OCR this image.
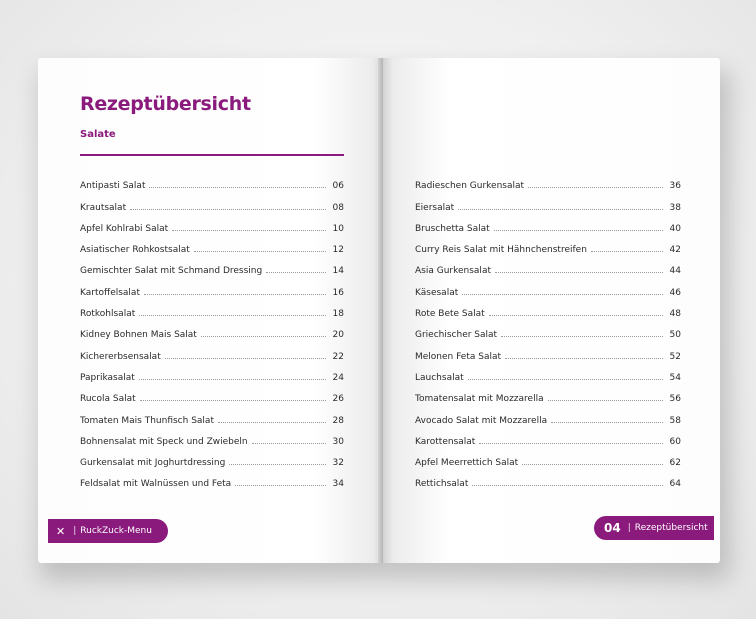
Rezeptübersicht
Salate
Antipasti Salat	06
Krautsalat	08
Apfel Kohlrabi Salat	10
Asiatischer Rohkostsalat	12
Gemischter Salat mit Schmand Dressing	14
Kartoffelsalat	16
Rotkohlsalat	18
Kidney Bohnen Mais Salat	20
Kichererbsensalat	22
Paprikasalat	24
Rucola Salat	26
Tomaten Mais Thunfisch Salat	28
Bohnensalat mit Speck und Zwiebeln	30
Gurkensalat mit Joghurtdressing	32
Feldsalat mit Walnüssen und Feta	34
✕ | RuckZuck-Menu
Radieschen Gurkensalat	36
Eiersalat	38
Bruschetta Salat	40
Curry Reis Salat mit Hähnchenstreifen	42
Asia Gurkensalat	44
Käsesalat	46
Rote Bete Salat	48
Griechischer Salat	50
Melonen Feta Salat	52
Lauchsalat	54
Tomatensalat mit Mozzarella	56
Avocado Salat mit Mozzarella	58
Karottensalat	60
Apfel Meerrettich Salat	62
Rettichsalat	64
04 | Rezeptübersicht
